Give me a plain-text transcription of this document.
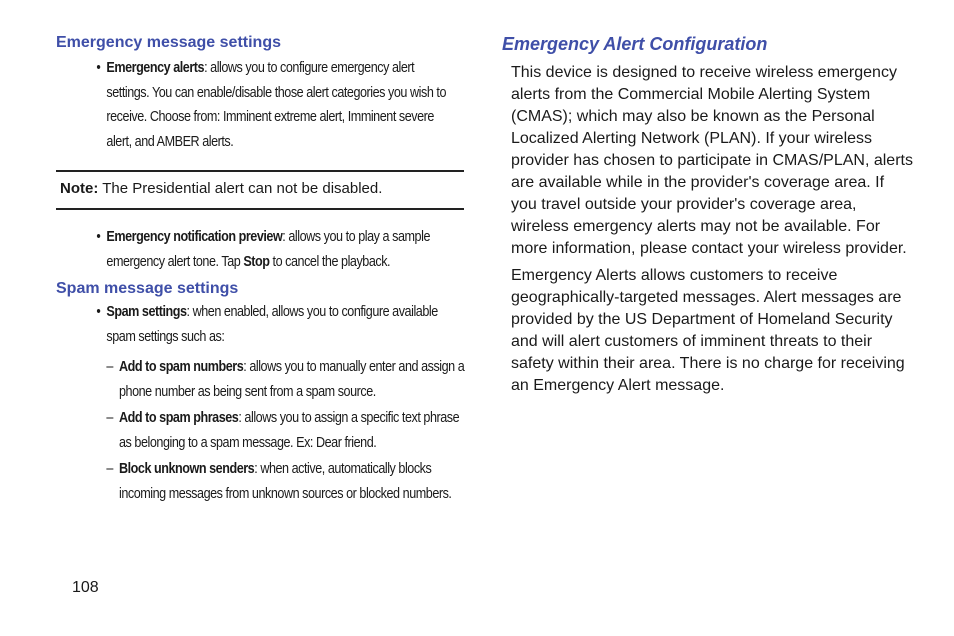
Emergency message settings
• Emergency alerts: allows you to configure emergency alert settings. You can enable/disable those alert categories you wish to receive. Choose from: Imminent extreme alert, Imminent severe alert, and AMBER alerts.
Note: The Presidential alert can not be disabled.
• Emergency notification preview: allows you to play a sample emergency alert tone. Tap Stop to cancel the playback.
Spam message settings
• Spam settings: when enabled, allows you to configure available spam settings such as:
– Add to spam numbers: allows you to manually enter and assign a phone number as being sent from a spam source.
– Add to spam phrases: allows you to assign a specific text phrase as belonging to a spam message. Ex: Dear friend.
– Block unknown senders: when active, automatically blocks incoming messages from unknown sources or blocked numbers.
Emergency Alert Configuration

This device is designed to receive wireless emergency alerts from the Commercial Mobile Alerting System (CMAS); which may also be known as the Personal Localized Alerting Network (PLAN). If your wireless provider has chosen to participate in CMAS/PLAN, alerts are available while in the provider's coverage area. If you travel outside your provider's coverage area, wireless emergency alerts may not be available. For more information, please contact your wireless provider.

Emergency Alerts allows customers to receive geographically-targeted messages. Alert messages are provided by the US Department of Homeland Security and will alert customers of imminent threats to their safety within their area. There is no charge for receiving an Emergency Alert message.

108
